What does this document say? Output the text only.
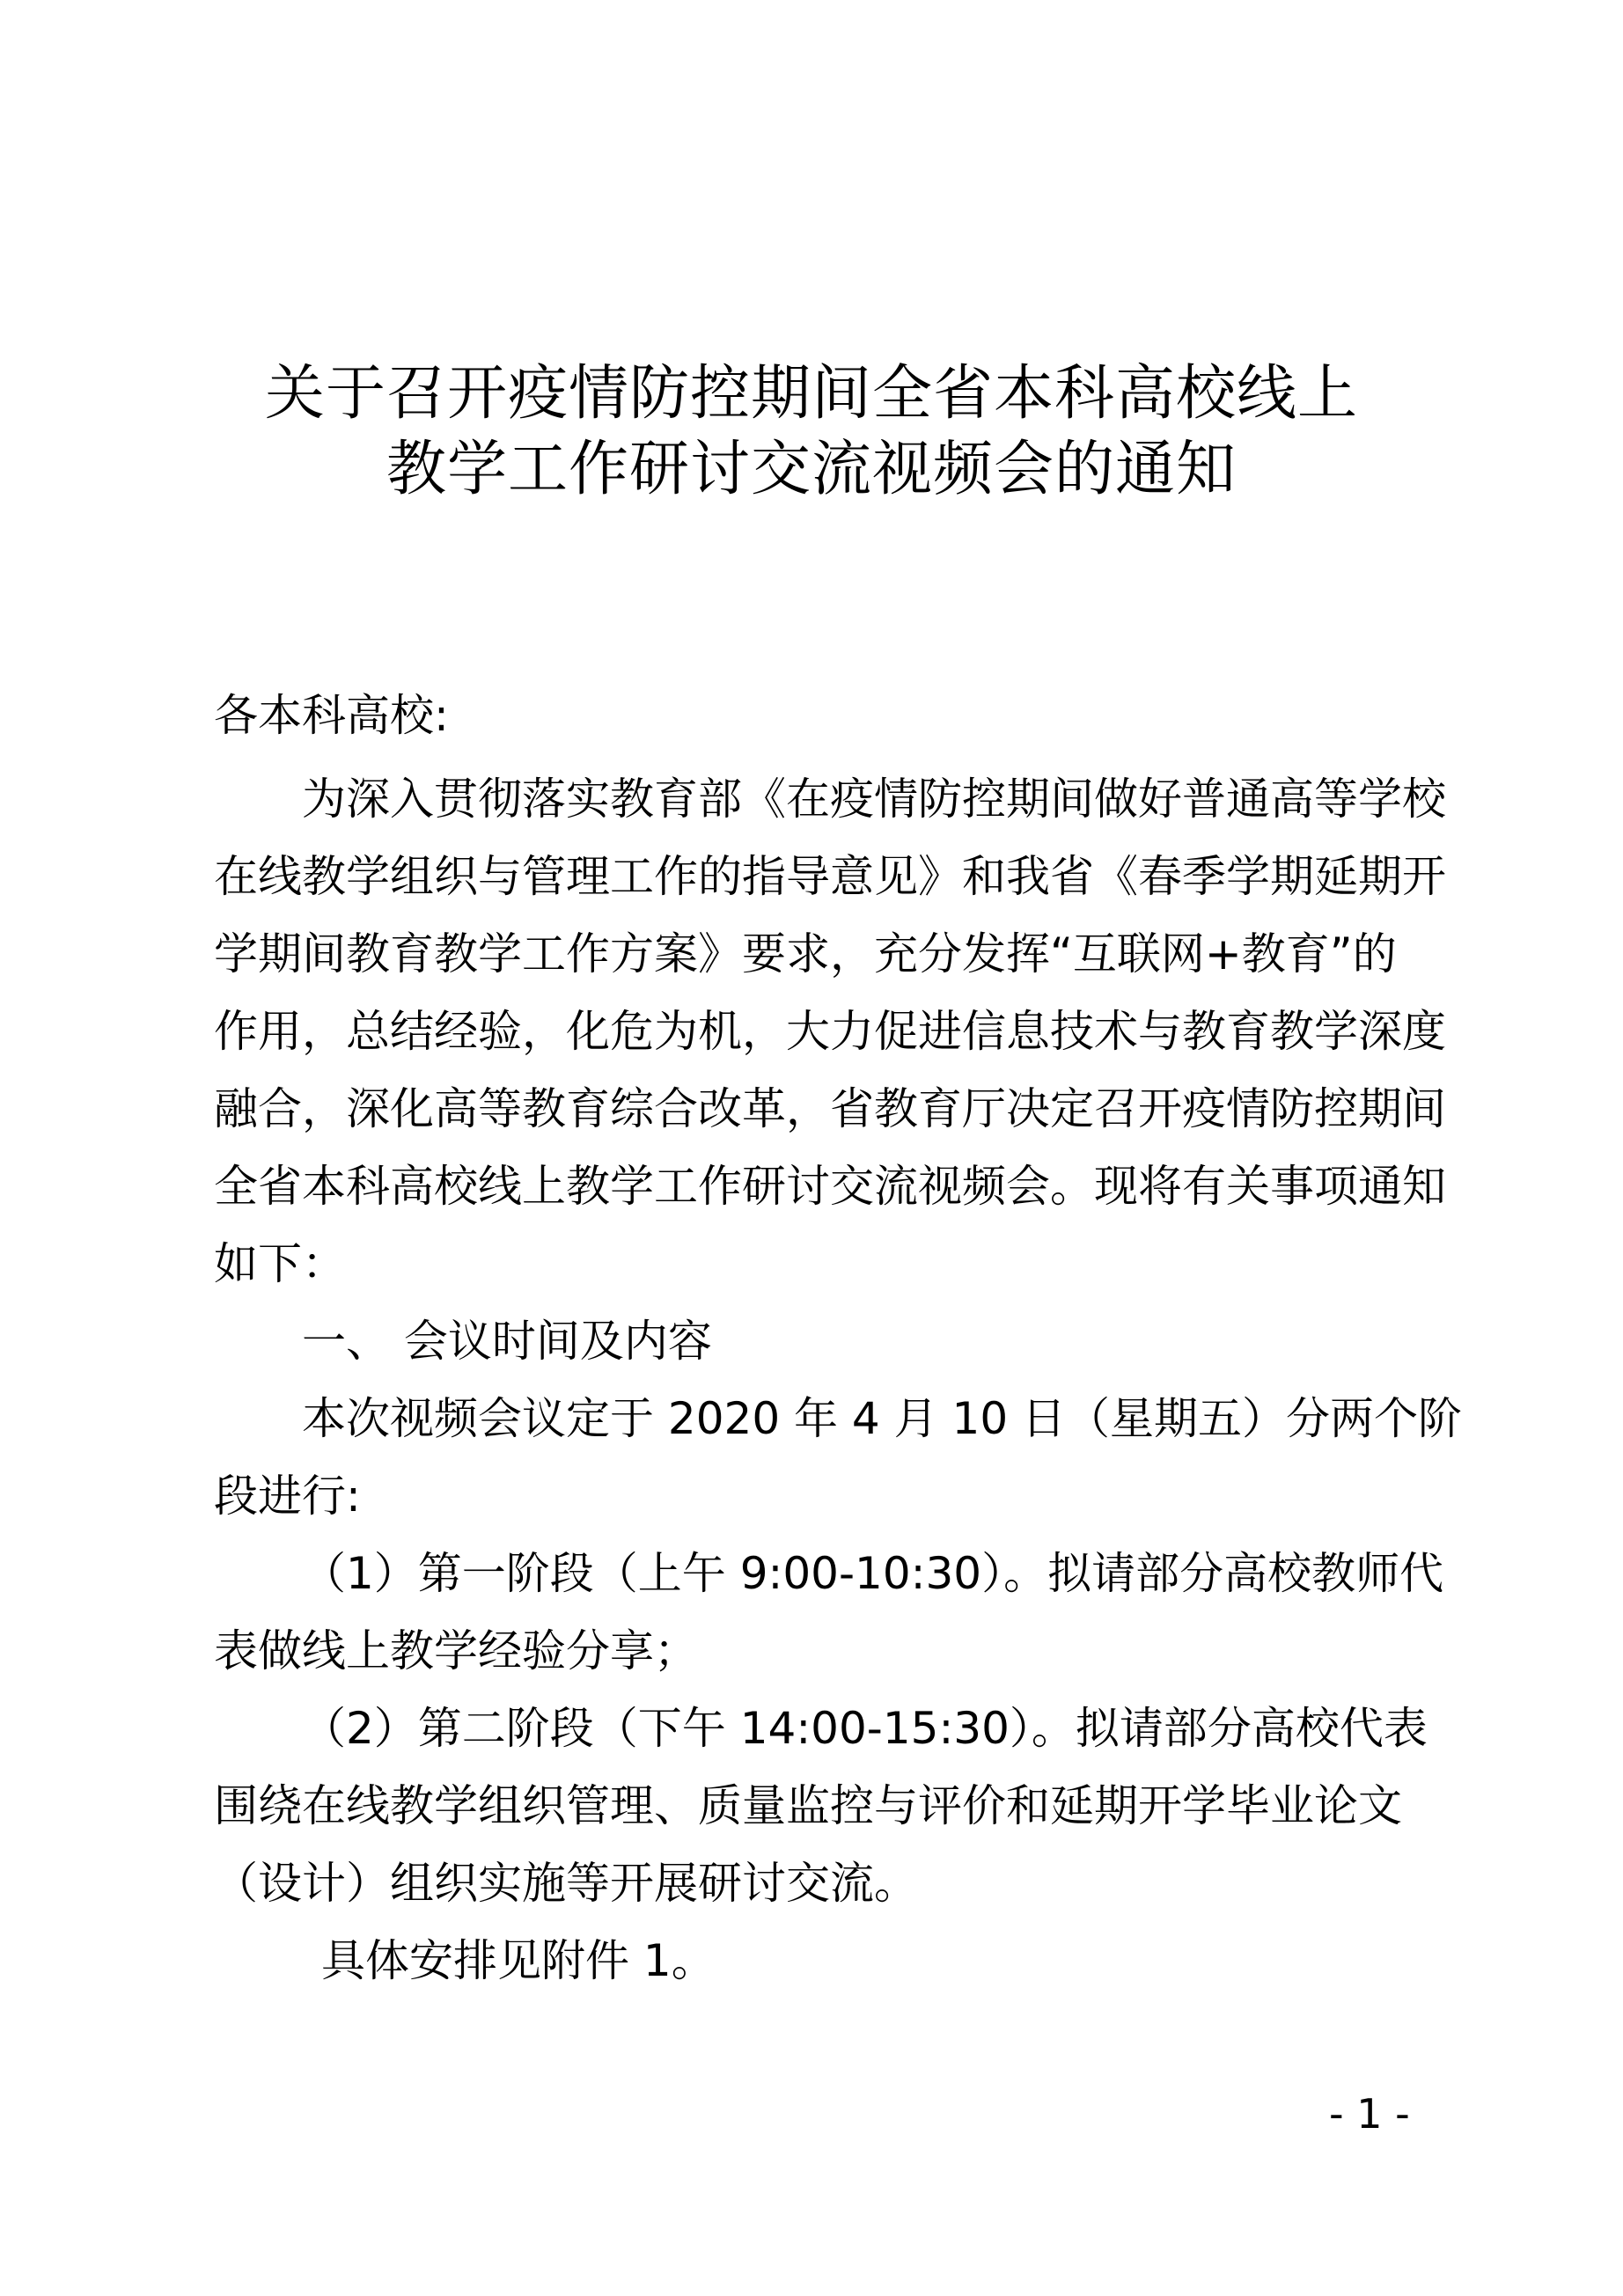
关于召开疫情防控期间全省本科高校线上
教学工作研讨交流视频会的通知
各本科高校:
为深入贯彻落实教育部《在疫情防控期间做好普通高等学校
在线教学组织与管理工作的指导意见》和我省《春季学期延期开
学期间教育教学工作方案》要求，充分发挥“互联网+教育”的
作用，总结经验，化危为机，大力促进信息技术与教育教学深度
融合，深化高等教育综合改革，省教育厅决定召开疫情防控期间
全省本科高校线上教学工作研讨交流视频会。现将有关事项通知
如下：
一、 会议时间及内容
本次视频会议定于 2020 年 4 月 10 日（星期五）分两个阶
段进行:
（1）第一阶段（上午 9:00-10:30）。拟请部分高校教师代
表做线上教学经验分享；
（2）第二阶段（下午 14:00-15:30）。拟请部分高校代表
围绕在线教学组织管理、质量监控与评价和延期开学毕业论文
（设计）组织实施等开展研讨交流。
具体安排见附件 1。
- 1 -
